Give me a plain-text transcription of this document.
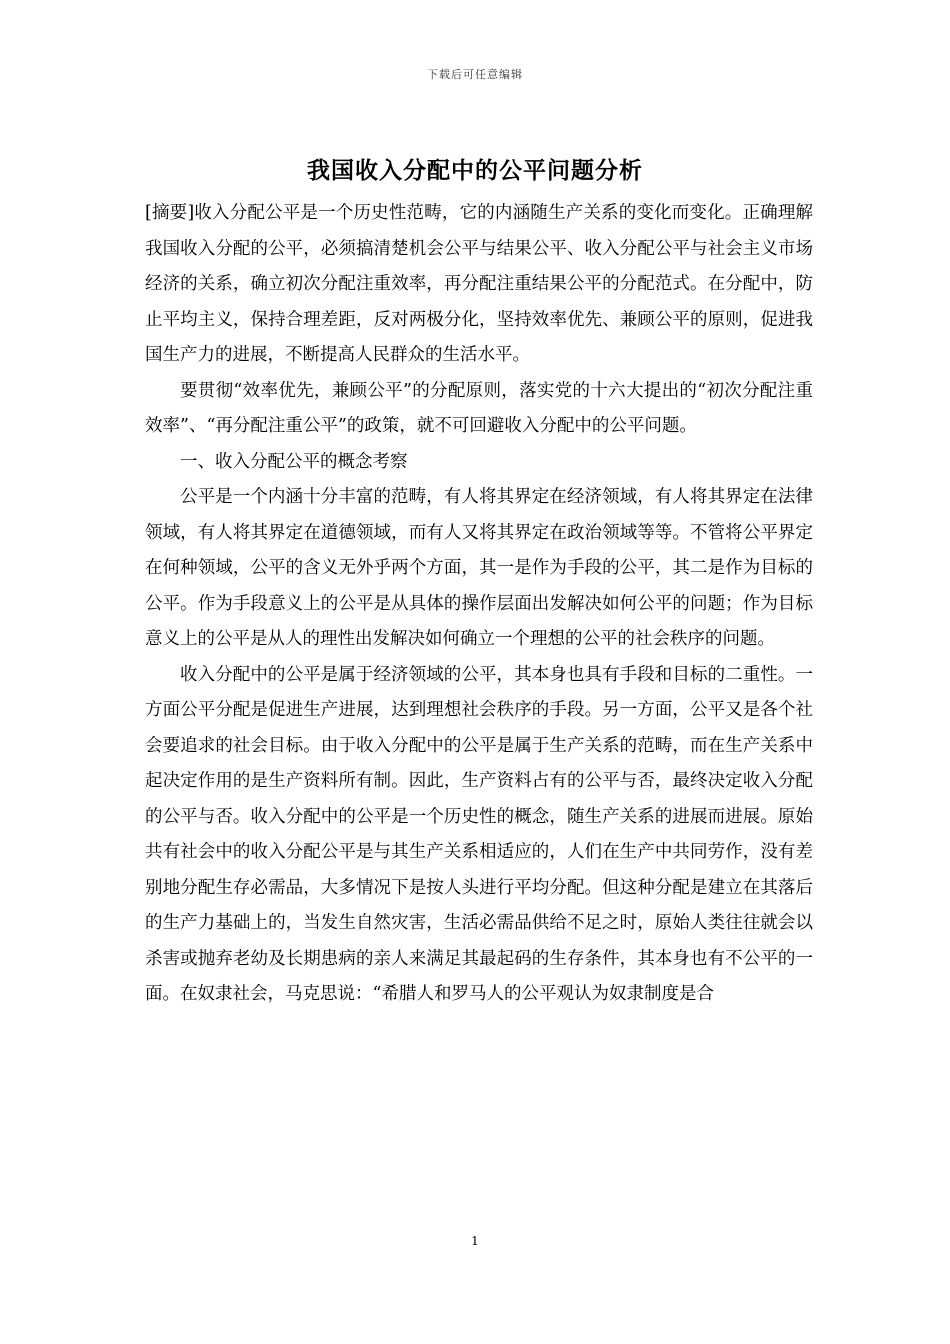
下载后可任意编辑
我国收入分配中的公平问题分析

[摘要]收入分配公平是一个历史性范畴，它的内涵随生产关系的变化而变化。正确理解我国收入分配的公平，必须搞清楚机会公平与结果公平、收入分配公平与社会主义市场经济的关系，确立初次分配注重效率，再分配注重结果公平的分配范式。在分配中，防止平均主义，保持合理差距，反对两极分化，坚持效率优先、兼顾公平的原则，促进我国生产力的进展，不断提高人民群众的生活水平。

要贯彻“效率优先，兼顾公平”的分配原则，落实党的十六大提出的“初次分配注重效率”、“再分配注重公平”的政策，就不可回避收入分配中的公平问题。

一、收入分配公平的概念考察

公平是一个内涵十分丰富的范畴，有人将其界定在经济领域，有人将其界定在法律领域，有人将其界定在道德领域，而有人又将其界定在政治领域等等。不管将公平界定在何种领域，公平的含义无外乎两个方面，其一是作为手段的公平，其二是作为目标的公平。作为手段意义上的公平是从具体的操作层面出发解决如何公平的问题；作为目标意义上的公平是从人的理性出发解决如何确立一个理想的公平的社会秩序的问题。

收入分配中的公平是属于经济领域的公平，其本身也具有手段和目标的二重性。一方面公平分配是促进生产进展，达到理想社会秩序的手段。另一方面，公平又是各个社会要追求的社会目标。由于收入分配中的公平是属于生产关系的范畴，而在生产关系中起决定作用的是生产资料所有制。因此，生产资料占有的公平与否，最终决定收入分配的公平与否。收入分配中的公平是一个历史性的概念，随生产关系的进展而进展。原始共有社会中的收入分配公平是与其生产关系相适应的，人们在生产中共同劳作，没有差别地分配生存必需品，大多情况下是按人头进行平均分配。但这种分配是建立在其落后的生产力基础上的，当发生自然灾害，生活必需品供给不足之时，原始人类往往就会以杀害或抛弃老幼及长期患病的亲人来满足其最起码的生存条件，其本身也有不公平的一面。在奴隶社会，马克思说：“希腊人和罗马人的公平观认为奴隶制度是合

1
